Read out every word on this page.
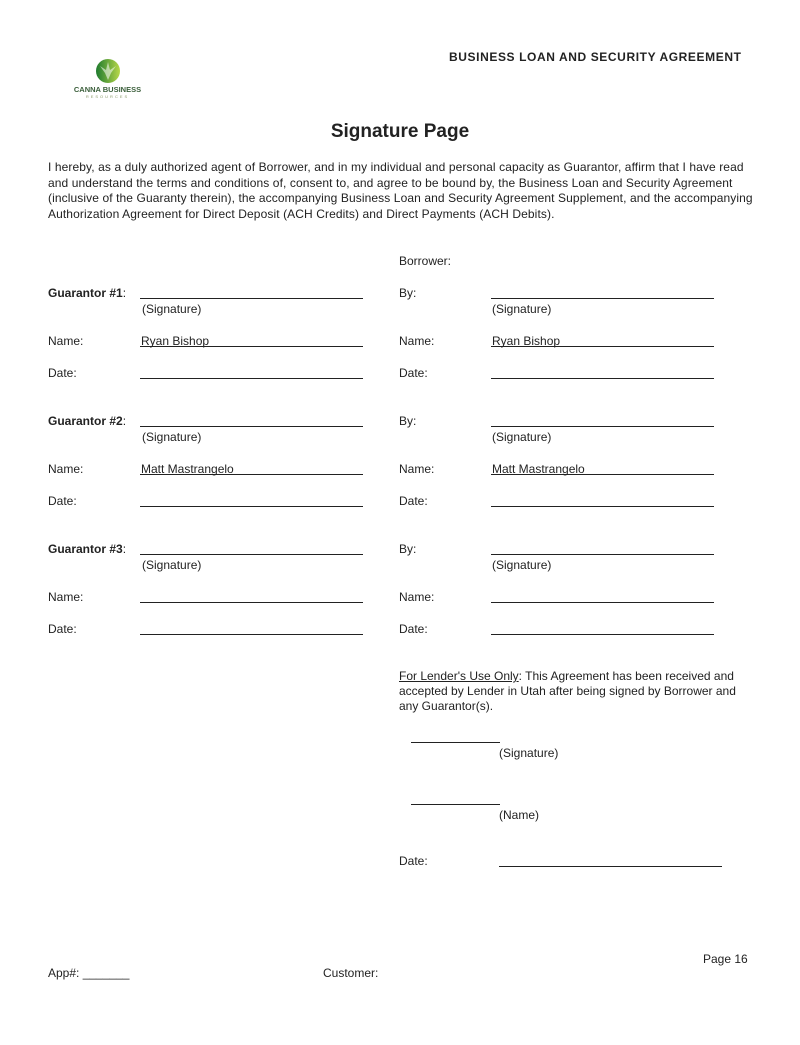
BUSINESS LOAN AND SECURITY AGREEMENT
CANNA BUSINESS
RESOURCES
Signature Page
I hereby, as a duly authorized agent of Borrower, and in my individual and personal capacity as Guarantor, affirm that I have read and understand the terms and conditions of, consent to, and agree to be bound by, the Business Loan and Security Agreement (inclusive of the Guaranty therein), the accompanying Business Loan and Security Agreement Supplement, and the accompanying Authorization Agreement for Direct Deposit (ACH Credits) and Direct Payments (ACH Debits).
Borrower:
Guarantor #1:
(Signature)
Name:	Ryan Bishop
Date:
By:
(Signature)
Name:	Ryan Bishop
Date:
Guarantor #2:
(Signature)
Name:	Matt Mastrangelo
Date:
By:
(Signature)
Name:	Matt Mastrangelo
Date:
Guarantor #3:
(Signature)
Name:
Date:
By:
(Signature)
Name:
Date:
For Lender's Use Only: This Agreement has been received and accepted by Lender in Utah after being signed by Borrower and any Guarantor(s).
(Signature)
(Name)
Date:
App#: _______	Customer:
Page 16
